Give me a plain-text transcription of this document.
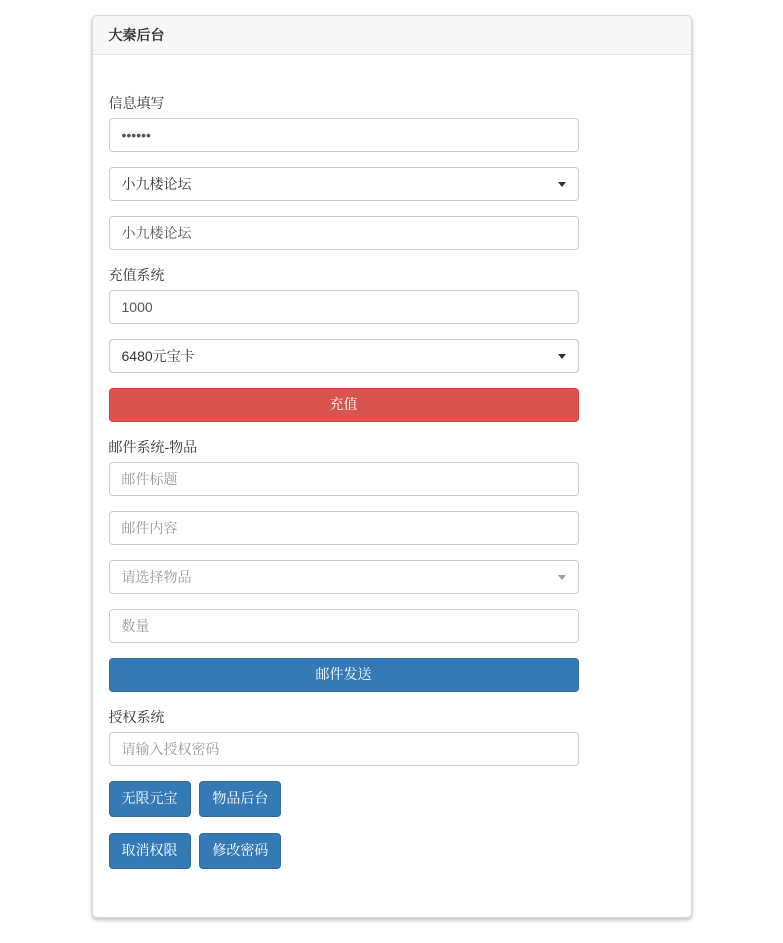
大秦后台
信息填写
••••••
小九楼论坛
小九楼论坛
充值系统
1000
6480元宝卡
充值
邮件系统-物品
邮件标题
邮件内容
请选择物品
数量
邮件发送
授权系统
请输入授权密码
无限元宝 物品后台
取消权限 修改密码
